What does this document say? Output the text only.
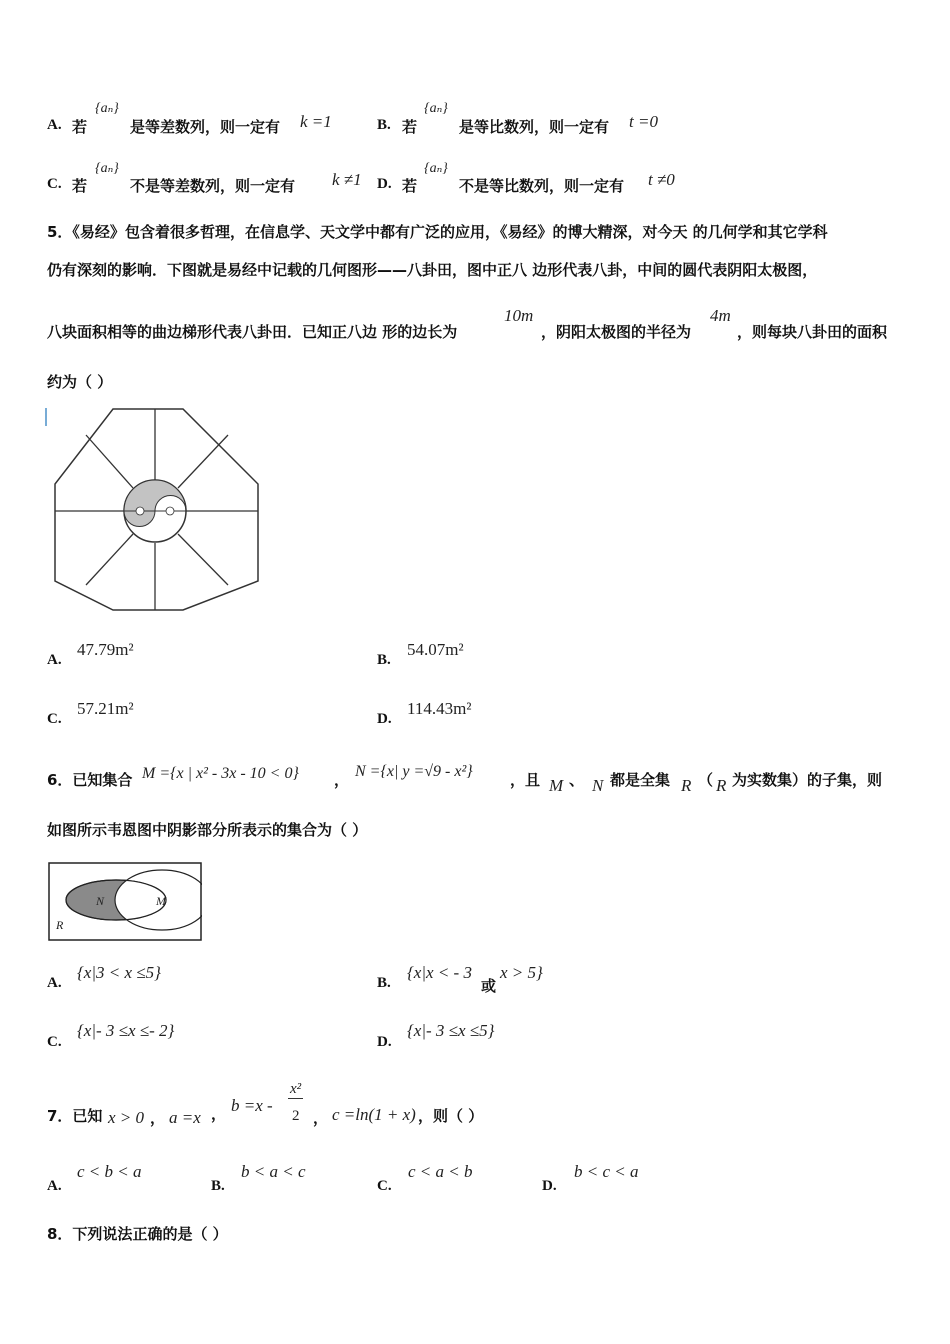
A. 若
{aₙ}
是等差数列，则一定有 k =1	B. 若
{aₙ}
是等比数列，则一定有 t =0
C. 若
{aₙ}
不是等差数列，则一定有 k ≠1 D. 若
{aₙ}
不是等比数列，则一定有 t ≠0
5．《易经》包含着很多哲理，在信息学、天文学中都有广泛的应用，《易经》的博大精深，对今天 的几何学和其它学科
仍有深刻的影响．下图就是易经中记载的几何图形——八卦田，图中正八 边形代表八卦，中间的圆代表阴阳太极图，
八块面积相等的曲边梯形代表八卦田．已知正八边 形的边长为
10m
，阴阳太极图的半径为
4m
，则每块八卦田的面积
约为（ ）
A.
47.79m²
B.
54.07m²
C.
57.21m²
D.
114.43m²
6．已知集合 M ={x | x² - 3x - 10 < 0} ， N ={x| y =√9 - x²} ，且 M 、 N 都是全集 R （ R 为实数集）的子集，则
如图所示韦恩图中阴影部分所表示的集合为（ ）
N	M
R
A.
{x|3 < x ≤5}
B.
{x|x < - 3
或
x > 5}
C.
{x|- 3 ≤x ≤- 2}
D.
{x|- 3 ≤x ≤5}
7．已知 x > 0 ， a =x ， b =x -
x²
2 ， c =ln(1 + x) ，则（ ）
A.
c < b < a
B.
b < a < c
C.
c < a < b
D.
b < c < a
8．下列说法正确的是（ ）
